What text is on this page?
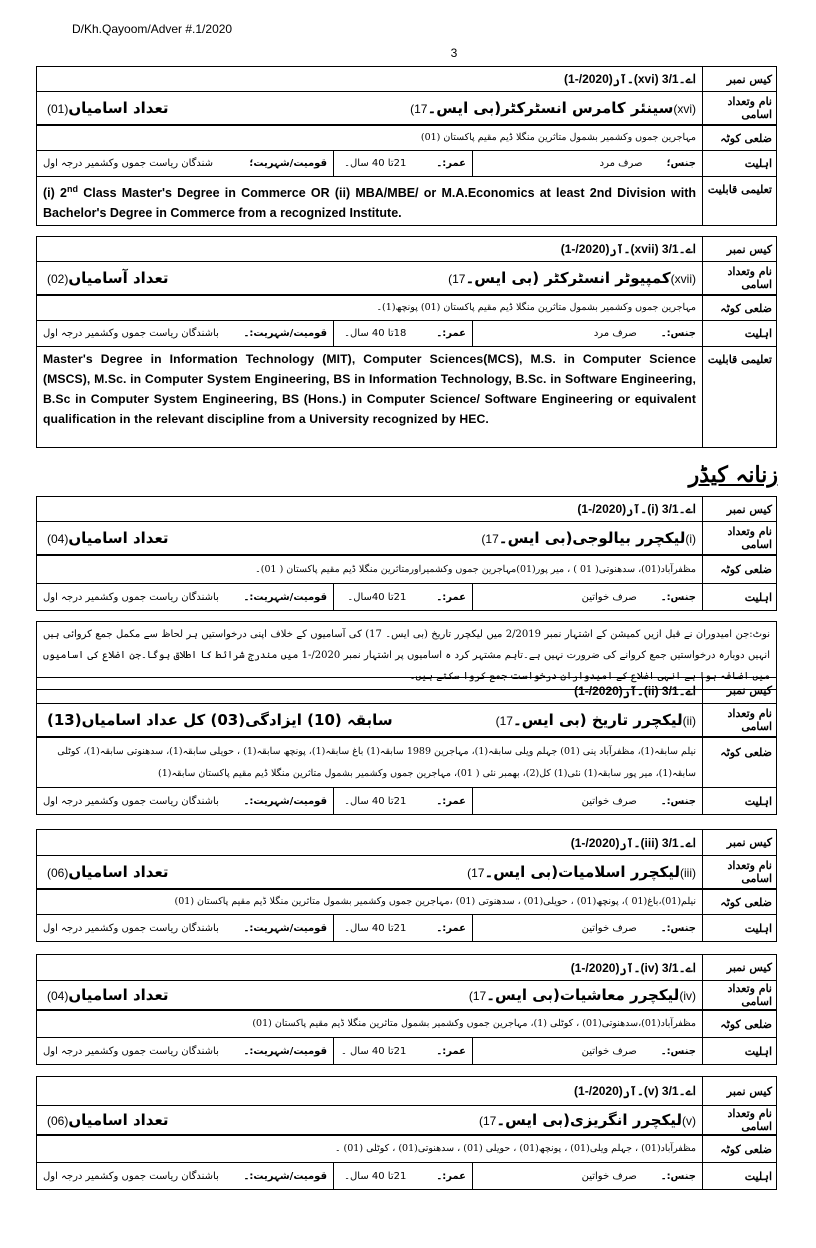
D/Kh.Qayoom/Adver #.1/2020
3
کیس نمبر
اے۔3/1 (xvi)۔آر(2020/-1)
نام وتعداد اسامی
(xvi)سینئر کامرس انسٹرکٹر(بی ایس۔17)
تعداد اسامیاں(01)
ضلعی کوٹہ
مہاجرین جموں وکشمیر بشمول متاثرین منگلا ڈیم مقیم پاکستان (01)
اہلیت
جنس؛
صرف مرد
عمر:۔
21تا 40 سال۔
قومیت/شہریت؛
شندگان ریاست جموں وکشمیر درجہ اول
تعلیمی قابلیت
(i) 2nd Class Master's Degree in Commerce OR (ii) MBA/MBE/ or M.A.Economics at least 2nd Division with Bachelor's Degree in Commerce from a recognized Institute.
کیس نمبر
اے۔3/1 (xvii)۔آر(2020/-1)
نام وتعداد اسامی
(xvii)کمپیوٹر انسٹرکٹر (بی ایس۔17)
تعداد آسامیاں(02)
ضلعی کوٹہ
مہاجرین جموں وکشمیر بشمول متاثرین منگلا ڈیم مقیم پاکستان (01) پونچھ(1)۔
اہلیت
جنس:۔
صرف مرد
عمر:۔
18تا 40 سال۔
قومیت/شہریت:۔
باشندگان ریاست جموں وکشمیر درجہ اول
تعلیمی قابلیت
Master's Degree in Information Technology (MIT), Computer Sciences(MCS), M.S. in Computer Science (MSCS), M.Sc. in Computer System Engineering, BS in Information Technology, B.Sc. in Software Engineering, B.Sc in Computer System Engineering, BS (Hons.) in Computer Science/ Software Engineering or equivalent qualification in the relevant discipline from a University recognized by HEC.
زنانہ کیڈر
کیس نمبر
اے۔3/1 (i)۔آر(2020/-1)
نام وتعداد اسامی
(i)لیکچرر بیالوجی(بی ایس۔17)
تعداد اسامیاں(04)
ضلعی کوٹہ
مظفرآباد(01)، سدھنوتی( 01 ) ، میر پور(01)مہاجرین جموں وکشمیراورمتاثرین منگلا ڈیم مقیم پاکستان ( 01)۔
اہلیت
جنس:۔
صرف خواتین
عمر:۔
21تا 40سال۔
قومیت/شہریت:۔
باشندگان ریاست جموں وکشمیر درجہ اول
نوٹ:جن امیدوران نے قبل ازیں کمیشن کے اشتہار نمبر 2/2019 میں لیکچرر تاریخ (بی ایس۔ 17) کی آسامیوں کے خلاف اپنی درخواستیں ہر لحاظ سے مکمل جمع کروائی ہیں انہیں دوبارہ درخواستیں جمع کروانے کی ضرورت نہیں ہے۔تاہم مشتہر کرد ہ اسامیوں پر اشتہار نمبر 2020/-1 میں مندرج شرائط کا اطلاق ہوگا۔جن اضلاع کی اسامیوں میں اضافہ ہوا ہے انہی اضلاع کے امیدواران درخواست جمع کروا سکتے ہیں۔
کیس نمبر
اے۔3/1 (ii)۔آر(2020/-1)
نام وتعداد اسامی
(ii)لیکچرر تاریخ (بی ایس۔17)
سابقہ (10) ایزادگی(03) کل عداد اسامیاں(13)
ضلعی کوٹہ
نیلم سابقہ(1)، مظفرآباد ینی (01) جہلم ویلی سابقہ(1)، مہاجرین 1989 سابقہ(1) باغ سابقہ(1)، پونچھ سابقہ(1) ، حویلی سابقہ(1)، سدھنوتی سابقہ(1)، کوٹلی سابقہ(1)، میر پور سابقہ(1) نئی(1) کل(2)، بھمبر نئی ( 01)، مہاجرین جموں وکشمیر بشمول متاثرین منگلا ڈیم مقیم پاکستان سابقہ(1)
اہلیت
جنس:۔
صرف خواتین
عمر:۔
21تا 40 سال۔
قومیت/شہریت:۔
باشندگان ریاست جموں وکشمیر درجہ اول
کیس نمبر
اے۔3/1 (iii)۔آر(2020/-1)
نام وتعداد اسامی
(iii)لیکچرر اسلامیات(بی ایس۔17)
تعداد اسامیاں(06)
ضلعی کوٹہ
نیلم(01)،باغ(01 )، پونچھ(01) ، حویلی(01) ، سدھنوتی (01) ،مہاجرین جموں وکشمیر بشمول متاثرین منگلا ڈیم مقیم پاکستان (01)
اہلیت
جنس:۔
صرف خواتین
عمر:۔
21تا 40 سال۔
قومیت/شہریت:۔
باشندگان ریاست جموں وکشمیر درجہ اول
کیس نمبر
اے۔3/1 (iv)۔آر(2020/-1)
نام وتعداد اسامی
(iv)لیکچرر معاشیات(بی ایس۔17)
تعداد اسامیاں(04)
ضلعی کوٹہ
مظفرآباد(01)،سدھنوتی(01) ، کوٹلی (1)، مہاجرین جموں وکشمیر بشمول متاثرین منگلا ڈیم مقیم پاکستان (01)
اہلیت
جنس:۔
صرف خواتین
عمر:۔
21تا 40 سال ۔
قومیت/شہریت:۔
باشندگان ریاست جموں وکشمیر درجہ اول
کیس نمبر
اے۔3/1 (v)۔آر(2020/-1)
نام وتعداد اسامی
(v)لیکچرر انگریزی(بی ایس۔17)
تعداد اسامیاں(06)
ضلعی کوٹہ
مظفرآباد(01) ، جہلم ویلی(01) ، پونچھ(01) ، حویلی (01) ، سدھنوتی(01) ، کوٹلی (01) ۔
اہلیت
جنس:۔
صرف خواتین
عمر:۔
21تا 40 سال۔
قومیت/شہریت:۔
باشندگان ریاست جموں وکشمیر درجہ اول
